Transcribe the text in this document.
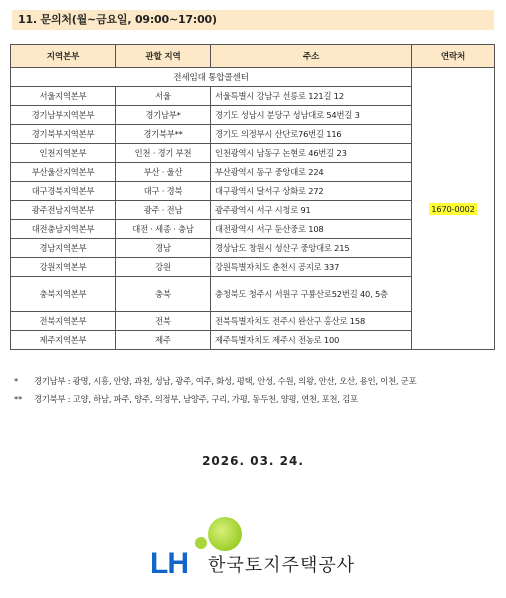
11. 문의처(월~금요일, 09:00~17:00)
지역본부	관할 지역	주소	연락처
전세임대 통합콜센터			1670-0002
서울지역본부	서울	서울특별시 강남구 선릉로 121길 12	
경기남부지역본부	경기남부*	경기도 성남시 분당구 성남대로 54번길 3	
경기북부지역본부	경기북부**	경기도 의정부시 산단로76번길 116	
인천지역본부	인천 · 경기 부천	인천광역시 남동구 논현로 46번길 23	
부산울산지역본부	부산 · 울산	부산광역시 동구 중앙대로 224	
대구경북지역본부	대구 · 경북	대구광역시 달서구 상화로 272	
광주전남지역본부	광주 · 전남	광주광역시 서구 시청로 91	
대전충남지역본부	대전 · 세종 · 충남	대전광역시 서구 둔산중로 108	
경남지역본부	경남	경상남도 창원시 성산구 중앙대로 215	
강원지역본부	강원	강원특별자치도 춘천시 공지로 337	
충북지역본부	충북	충청북도 청주시 서원구 구룡산로52번길 40, 5층	
전북지역본부	전북	전북특별자치도 전주시 완산구 홍산로 158	
제주지역본부	제주	제주특별자치도 제주시 전농로 100	
* 경기남부 : 광명, 시흥, 안양, 과천, 성남, 광주, 여주, 화성, 평택, 안성, 수원, 의왕, 안산, 오산, 용인, 이천, 군포
** 경기북부 : 고양, 하남, 파주, 양주, 의정부, 남양주, 구리, 가평, 동두천, 양평, 연천, 포천, 김포
2026. 03. 24.
LH 한국토지주택공사
